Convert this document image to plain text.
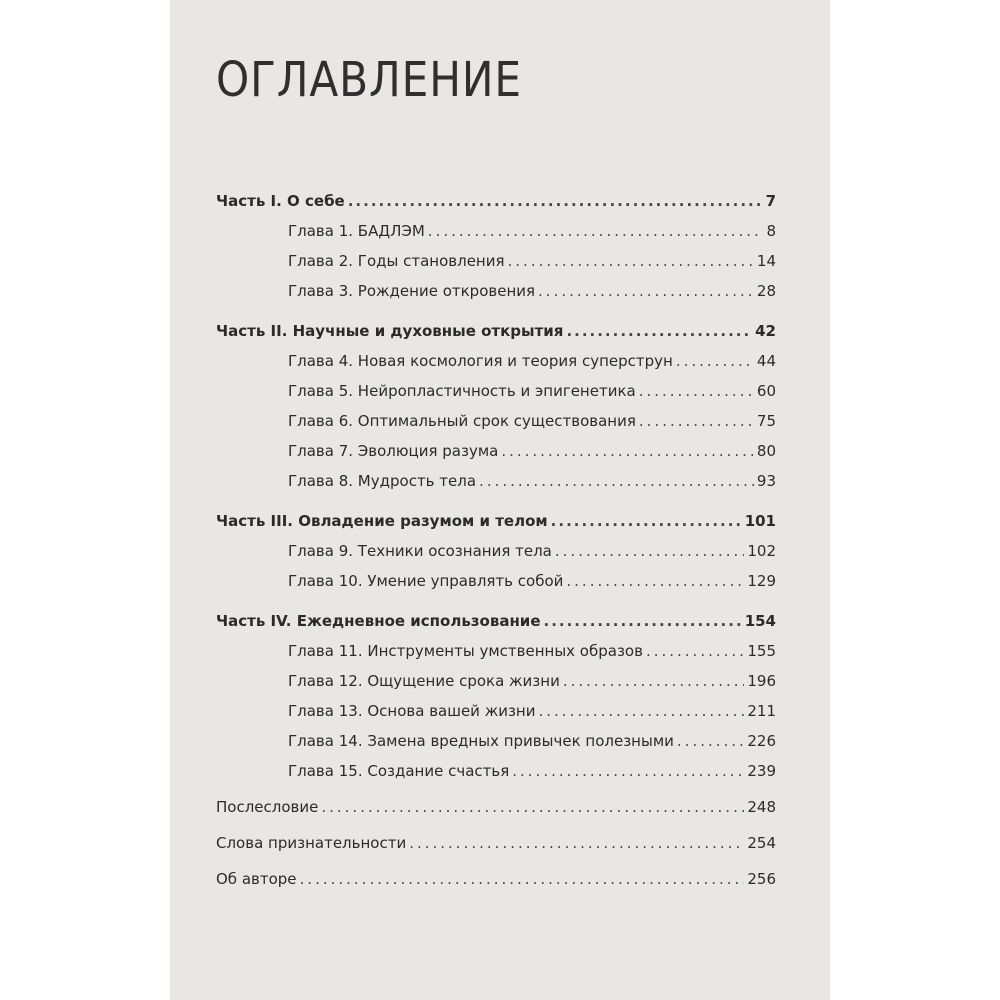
ОГЛАВЛЕНИЕ
Часть I. О себе .....	7
Глава 1. БАДЛЭМ .....	8
Глава 2. Годы становления .....	14
Глава 3. Рождение откровения .....	28
Часть II. Научные и духовные открытия .....	42
Глава 4. Новая космология и теория суперструн .....	44
Глава 5. Нейропластичность и эпигенетика .....	60
Глава 6. Оптимальный срок существования .....	75
Глава 7. Эволюция разума .....	80
Глава 8. Мудрость тела .....	93
Часть III. Овладение разумом и телом .....	101
Глава 9. Техники осознания тела .....	102
Глава 10. Умение управлять собой .....	129
Часть IV. Ежедневное использование .....	154
Глава 11. Инструменты умственных образов .....	155
Глава 12. Ощущение срока жизни .....	196
Глава 13. Основа вашей жизни .....	211
Глава 14. Замена вредных привычек полезными .....	226
Глава 15. Создание счастья .....	239
Послесловие .....	248
Слова признательности .....	254
Об авторе .....	256
